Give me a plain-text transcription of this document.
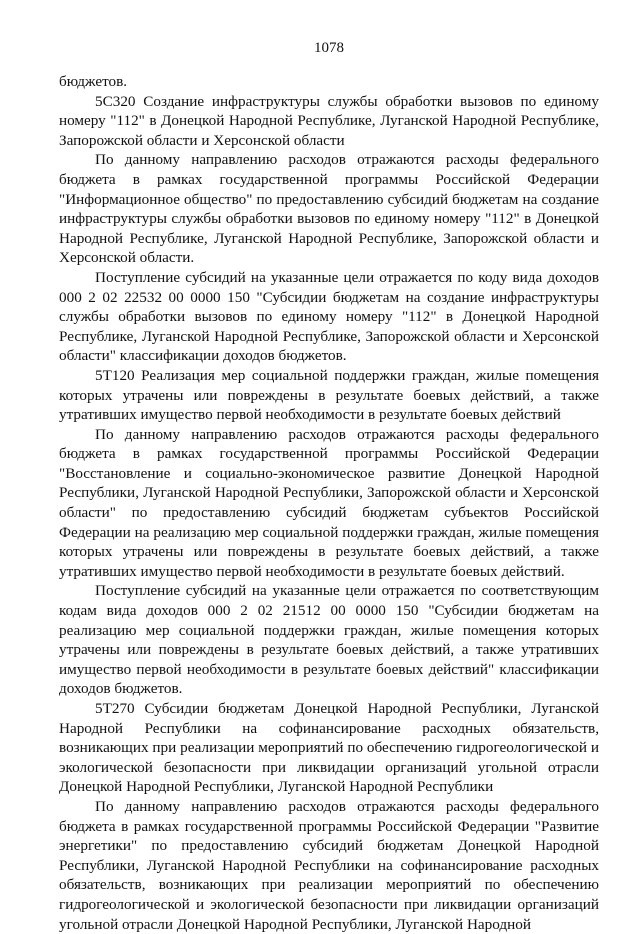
1078

бюджетов.

5С320 Создание инфраструктуры службы обработки вызовов по единому номеру "112" в Донецкой Народной Республике, Луганской Народной Республике, Запорожской области и Херсонской области

По данному направлению расходов отражаются расходы федерального бюджета в рамках государственной программы Российской Федерации "Информационное общество" по предоставлению субсидий бюджетам на создание инфраструктуры службы обработки вызовов по единому номеру "112" в Донецкой Народной Республике, Луганской Народной Республике, Запорожской области и Херсонской области.

Поступление субсидий на указанные цели отражается по коду вида доходов 000 2 02 22532 00 0000 150 "Субсидии бюджетам на создание инфраструктуры службы обработки вызовов по единому номеру "112" в Донецкой Народной Республике, Луганской Народной Республике, Запорожской области и Херсонской области" классификации доходов бюджетов.

5Т120 Реализация мер социальной поддержки граждан, жилые помещения которых утрачены или повреждены в результате боевых действий, а также утративших имущество первой необходимости в результате боевых действий

По данному направлению расходов отражаются расходы федерального бюджета в рамках государственной программы Российской Федерации "Восстановление и социально-экономическое развитие Донецкой Народной Республики, Луганской Народной Республики, Запорожской области и Херсонской области" по предоставлению субсидий бюджетам субъектов Российской Федерации на реализацию мер социальной поддержки граждан, жилые помещения которых утрачены или повреждены в результате боевых действий, а также утративших имущество первой необходимости в результате боевых действий.

Поступление субсидий на указанные цели отражается по соответствующим кодам вида доходов 000 2 02 21512 00 0000 150 "Субсидии бюджетам на реализацию мер социальной поддержки граждан, жилые помещения которых утрачены или повреждены в результате боевых действий, а также утративших имущество первой необходимости в результате боевых действий" классификации доходов бюджетов.

5Т270 Субсидии бюджетам Донецкой Народной Республики, Луганской Народной Республики на софинансирование расходных обязательств, возникающих при реализации мероприятий по обеспечению гидрогеологической и экологической безопасности при ликвидации организаций угольной отрасли Донецкой Народной Республики, Луганской Народной Республики

По данному направлению расходов отражаются расходы федерального бюджета в рамках государственной программы Российской Федерации "Развитие энергетики" по предоставлению субсидий бюджетам Донецкой Народной Республики, Луганской Народной Республики на софинансирование расходных обязательств, возникающих при реализации мероприятий по обеспечению гидрогеологической и экологической безопасности при ликвидации организаций угольной отрасли Донецкой Народной Республики, Луганской Народной
